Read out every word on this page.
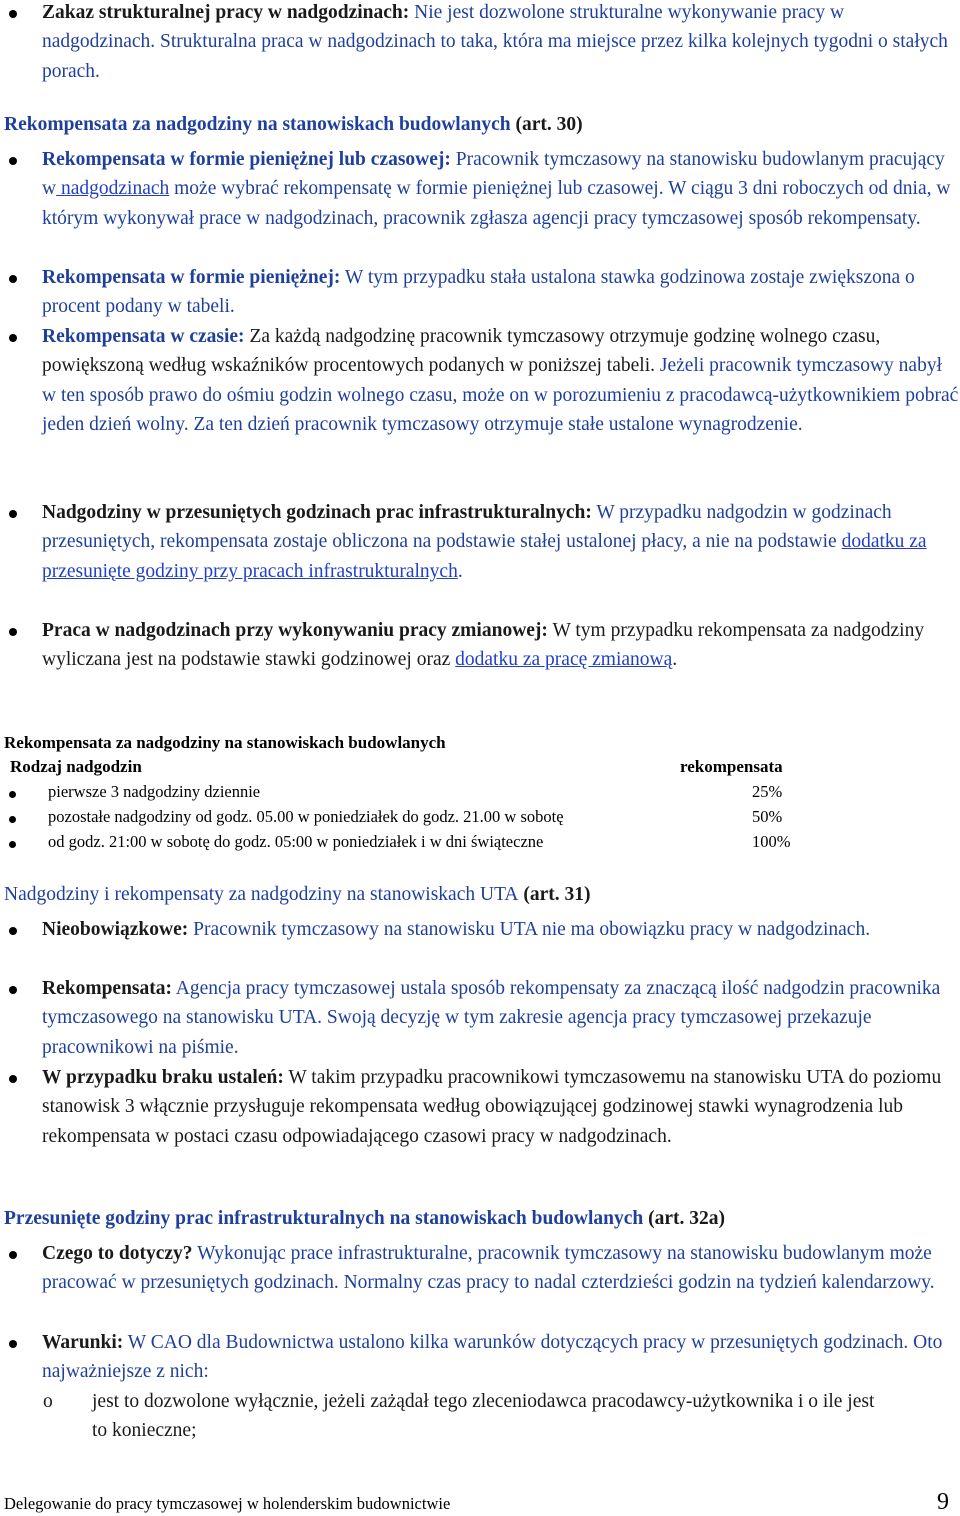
Zakaz strukturalnej pracy w nadgodzinach: Nie jest dozwolone strukturalne wykonywanie pracy w nadgodzinach. Strukturalna praca w nadgodzinach to taka, która ma miejsce przez kilka kolejnych tygodni o stałych porach.
Rekompensata za nadgodziny na stanowiskach budowlanych (art. 30)
Rekompensata w formie pieniężnej lub czasowej: Pracownik tymczasowy na stanowisku budowlanym pracujący w nadgodzinach może wybrać rekompensatę w formie pieniężnej lub czasowej. W ciągu 3 dni roboczych od dnia, w którym wykonywał prace w nadgodzinach, pracownik zgłasza agencji pracy tymczasowej sposób rekompensaty.
Rekompensata w formie pieniężnej: W tym przypadku stała ustalona stawka godzinowa zostaje zwiększona o procent podany w tabeli.
Rekompensata w czasie: Za każdą nadgodzinę pracownik tymczasowy otrzymuje godzinę wolnego czasu, powiększoną według wskaźników procentowych podanych w poniższej tabeli. Jeżeli pracownik tymczasowy nabył w ten sposób prawo do ośmiu godzin wolnego czasu, może on w porozumieniu z pracodawcą-użytkownikiem pobrać jeden dzień wolny. Za ten dzień pracownik tymczasowy otrzymuje stałe ustalone wynagrodzenie.
Nadgodziny w przesuniętych godzinach prac infrastrukturalnych: W przypadku nadgodzin w godzinach przesuniętych, rekompensata zostaje obliczona na podstawie stałej ustalonej płacy, a nie na podstawie dodatku za przesunięte godziny przy pracach infrastrukturalnych.
Praca w nadgodzinach przy wykonywaniu pracy zmianowej: W tym przypadku rekompensata za nadgodziny wyliczana jest na podstawie stawki godzinowej oraz dodatku za pracę zmianową.
Rekompensata za nadgodziny na stanowiskach budowlanych
Rodzaj nadgodzin	rekompensata
pierwsze 3 nadgodziny dziennie	25%
pozostałe nadgodziny od godz. 05.00 w poniedziałek do godz. 21.00 w sobotę	50%
od godz. 21:00 w sobotę do godz. 05:00 w poniedziałek i w dni świąteczne	100%
Nadgodziny i rekompensaty za nadgodziny na stanowiskach UTA (art. 31)
Nieobowiązkowe: Pracownik tymczasowy na stanowisku UTA nie ma obowiązku pracy w nadgodzinach.
Rekompensata: Agencja pracy tymczasowej ustala sposób rekompensaty za znaczącą ilość nadgodzin pracownika tymczasowego na stanowisku UTA. Swoją decyzję w tym zakresie agencja pracy tymczasowej przekazuje pracownikowi na piśmie.
W przypadku braku ustaleń: W takim przypadku pracownikowi tymczasowemu na stanowisku UTA do poziomu stanowisk 3 włącznie przysługuje rekompensata według obowiązującej godzinowej stawki wynagrodzenia lub rekompensata w postaci czasu odpowiadającego czasowi pracy w nadgodzinach.
Przesunięte godziny prac infrastrukturalnych na stanowiskach budowlanych (art. 32a)
Czego to dotyczy? Wykonując prace infrastrukturalne, pracownik tymczasowy na stanowisku budowlanym może pracować w przesuniętych godzinach. Normalny czas pracy to nadal czterdzieści godzin na tydzień kalendarzowy.
Warunki: W CAO dla Budownictwa ustalono kilka warunków dotyczących pracy w przesuniętych godzinach. Oto najważniejsze z nich:
o jest to dozwolone wyłącznie, jeżeli zażądał tego zleceniodawca pracodawcy-użytkownika i o ile jest to konieczne;
Delegowanie do pracy tymczasowej w holenderskim budownictwie	9
